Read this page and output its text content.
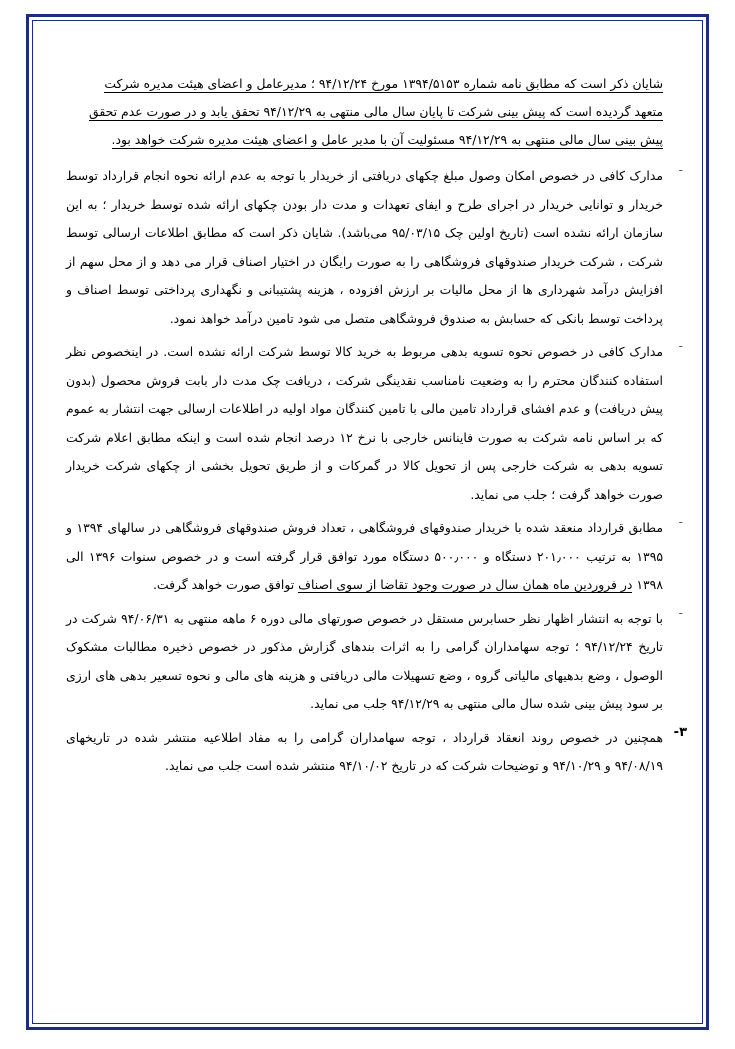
شایان ذکر است که مطابق نامه شماره ۱۳۹۴/۵۱۵۳ مورخ ۹۴/۱۲/۲۴ ؛ مدیرعامل و اعضای هیئت مدیره شرکت

متعهد گردیده است که پیش بینی شرکت تا پایان سال مالی منتهی به ۹۴/۱۲/۲۹ تحقق یابد و در صورت عدم تحقق

پیش بینی سال مالی منتهی به ۹۴/۱۲/۲۹ مسئولیت آن با مدیر عامل و اعضای هیئت مدیره شرکت خواهد بود.

-
مدارک کافی در خصوص امکان وصول مبلغ چکهای دریافتی از خریدار با توجه به عدم ارائه نحوه انجام قرارداد توسط خریدار و توانایی خریدار در اجرای طرح و ایفای تعهدات و مدت دار بودن چکهای ارائه شده توسط خریدار ؛ به این سازمان ارائه نشده است (تاریخ اولین چک ۹۵/۰۳/۱۵ می‌باشد). شایان ذکر است که مطابق اطلاعات ارسالی توسط شرکت ، شرکت خریدار صندوقهای فروشگاهی را به صورت رایگان در اختیار اصناف قرار می دهد و از محل سهم از افزایش درآمد شهرداری ها از محل مالیات بر ارزش افزوده ، هزینه پشتیبانی و نگهداری پرداختی توسط اصناف و پرداخت توسط بانکی که حسابش به صندوق فروشگاهی متصل می شود تامین درآمد خواهد نمود.
-
مدارک کافی در خصوص نحوه تسویه بدهی مربوط به خرید کالا توسط شرکت ارائه نشده است. در اینخصوص نظر استفاده کنندگان محترم را به وضعیت نامناسب نقدینگی شرکت ، دریافت چک مدت دار بابت فروش محصول (بدون پیش دریافت) و عدم افشای قرارداد تامین مالی با تامین کنندگان مواد اولیه در اطلاعات ارسالی جهت انتشار به عموم که بر اساس نامه شرکت به صورت فاینانس خارجی با نرخ ۱۲ درصد انجام شده است و اینکه مطابق اعلام شرکت تسویه بدهی به شرکت خارجی پس از تحویل کالا در گمرکات و از طریق تحویل بخشی از چکهای شرکت خریدار صورت خواهد گرفت ؛ جلب می نماید.
-
مطابق قرارداد منعقد شده با خریدار صندوقهای فروشگاهی ، تعداد فروش صندوقهای فروشگاهی در سالهای ۱۳۹۴ و ۱۳۹۵ به ترتیب ۲۰۱٫۰۰۰ دستگاه و ۵۰۰٫۰۰۰ دستگاه مورد توافق قرار گرفته است و در خصوص سنوات ۱۳۹۶ الی ۱۳۹۸ در فروردین ماه همان سال در صورت وجود تقاضا از سوی اصناف توافق صورت خواهد گرفت.
-
با توجه به انتشار اظهار نظر حسابرس مستقل در خصوص صورتهای مالی دوره ۶ ماهه منتهی به ۹۴/۰۶/۳۱ شرکت در تاریخ ۹۴/۱۲/۲۴ ؛ توجه سهامداران گرامی را به اثرات بندهای گزارش مذکور در خصوص ذخیره مطالبات مشکوک الوصول ، وضع بدهیهای مالیاتی گروه ، وضع تسهیلات مالی دریافتی و هزینه های مالی و نحوه تسعیر بدهی های ارزی بر سود پیش بینی شده سال مالی منتهی به ۹۴/۱۲/۲۹ جلب می نماید.
۳-
همچنین در خصوص روند انعقاد قرارداد ، توجه سهامداران گرامی را به مفاد اطلاعیه منتشر شده در تاریخهای ۹۴/۰۸/۱۹ و ۹۴/۱۰/۲۹ و توضیحات شرکت که در تاریخ ۹۴/۱۰/۰۲ منتشر شده است جلب می نماید.
